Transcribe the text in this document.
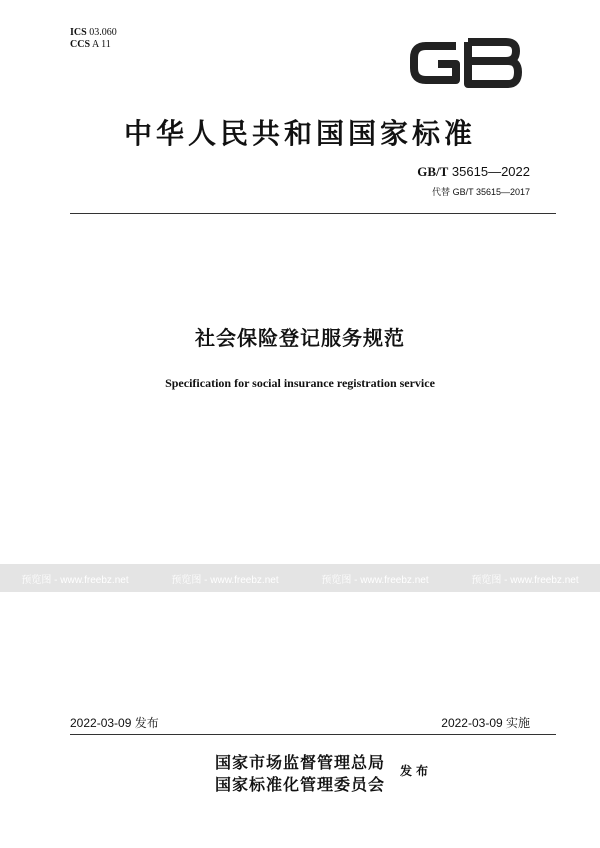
ICS 03.060
CCS A 11
GB
中华人民共和国国家标准
GB/T 35615—2022
代替 GB/T 35615—2017
社会保险登记服务规范
Specification for social insurance registration service
预览图 - www.freebz.net	预览图 - www.freebz.net	预览图 - www.freebz.net	预览图 - www.freebz.net
2022-03-09 发布	2022-03-09 实施
国家市场监督管理总局
国家标准化管理委员会
发布
